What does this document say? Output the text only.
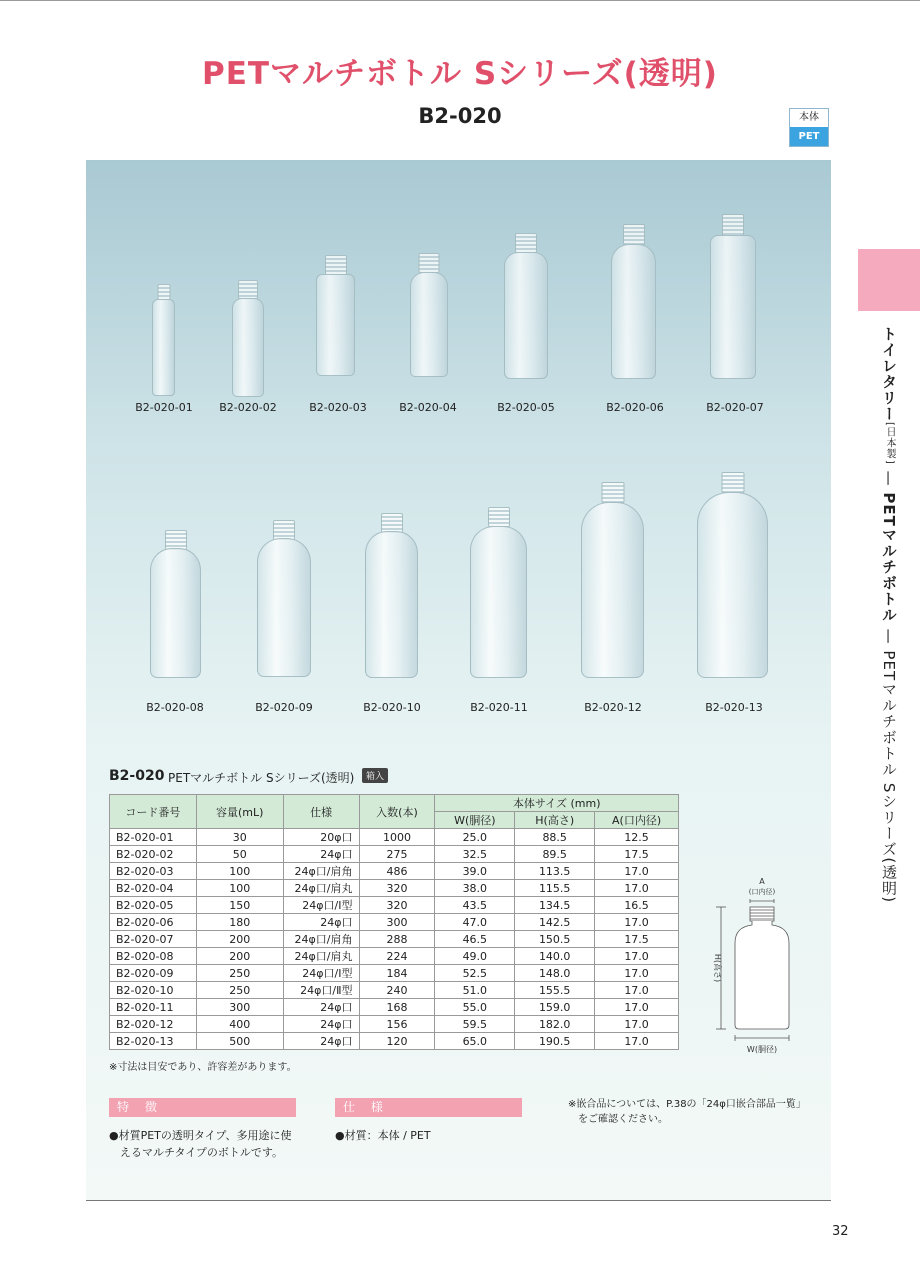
PETマルチボトル Sシリーズ(透明)
B2-020	本体
PET
トイレタリー[日本製] — PETマルチボトル — PETマルチボトル Sシリーズ(透明)
B2-020-01	B2-020-02	B2-020-03	B2-020-04	B2-020-05	B2-020-06	B2-020-07
B2-020-08	B2-020-09	B2-020-10	B2-020-11	B2-020-12	B2-020-13
B2-020 PETマルチボトル Sシリーズ(透明)	箱入
コード番号	容量(mL)	仕様	入数(本)	本体サイズ (mm)		
				W(胴径)	H(高さ)	A(口内径)
B2-020-01	30	20φ口	1000	25.0	88.5	12.5
B2-020-02	50	24φ口	275	32.5	89.5	17.5
B2-020-03	100	24φ口/肩角	486	39.0	113.5	17.0
B2-020-04	100	24φ口/肩丸	320	38.0	115.5	17.0
B2-020-05	150	24φ口/Ⅰ型	320	43.5	134.5	16.5
B2-020-06	180	24φ口	300	47.0	142.5	17.0
B2-020-07	200	24φ口/肩角	288	46.5	150.5	17.5
B2-020-08	200	24φ口/肩丸	224	49.0	140.0	17.0
B2-020-09	250	24φ口/Ⅰ型	184	52.5	148.0	17.0
B2-020-10	250	24φ口/Ⅱ型	240	51.0	155.5	17.0
B2-020-11	300	24φ口	168	55.0	159.0	17.0
B2-020-12	400	24φ口	156	59.5	182.0	17.0
B2-020-13	500	24φ口	120	65.0	190.5	17.0
※寸法は目安であり、許容差があります。
A
(口内径)
H(高さ)
W(胴径)
特 徴
●材質PETの透明タイプ、多用途に使
えるマルチタイプのボトルです。
仕 様
●材質：本体 / PET
※嵌合品については、P.38の「24φ口嵌合部品一覧」
をご確認ください。
32
